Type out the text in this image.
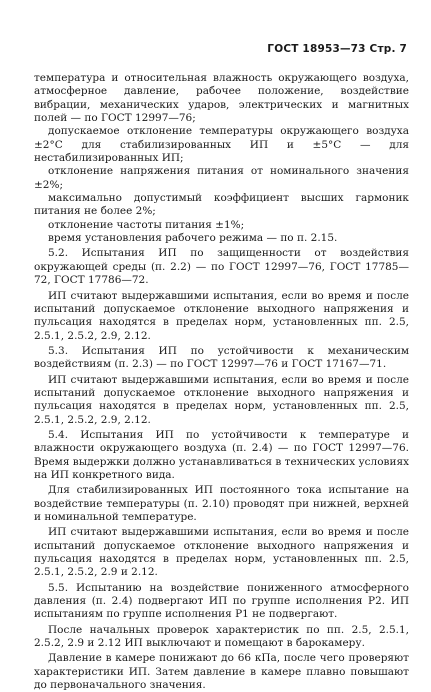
ГОСТ 18953—73 Стр. 7

температура и относительная влажность окружающего воздуха, атмосферное давление, рабочее положение, воздействие вибрации, механических ударов, электрических и магнитных полей — по ГОСТ 12997—76;

допускаемое отклонение температуры окружающего воздуха ±2°С для стабилизированных ИП и ±5°С — для нестабилизированных ИП;

отклонение напряжения питания от номинального значения ±2%;

максимально допустимый коэффициент высших гармоник питания не более 2%;

отклонение частоты питания ±1%;

время установления рабочего режима — по п. 2.15.

5.2. Испытания ИП по защищенности от воздействия окружающей среды (п. 2.2) — по ГОСТ 12997—76, ГОСТ 17785—72, ГОСТ 17786—72.

ИП считают выдержавшими испытания, если во время и после испытаний допускаемое отклонение выходного напряжения и пульсация находятся в пределах норм, установленных пп. 2.5, 2.5.1, 2.5.2, 2.9, 2.12.

5.3. Испытания ИП по устойчивости к механическим воздействиям (п. 2.3) — по ГОСТ 12997—76 и ГОСТ 17167—71.

ИП считают выдержавшими испытания, если во время и после испытаний допускаемое отклонение выходного напряжения и пульсация находятся в пределах норм, установленных пп. 2.5, 2.5.1, 2.5.2, 2.9, 2.12.

5.4. Испытания ИП по устойчивости к температуре и влажности окружающего воздуха (п. 2.4) — по ГОСТ 12997—76. Время выдержки должно устанавливаться в технических условиях на ИП конкретного вида.

Для стабилизированных ИП постоянного тока испытание на воздействие температуры (п. 2.10) проводят при нижней, верхней и номинальной температуре.

ИП считают выдержавшими испытания, если во время и после испытаний допускаемое отклонение выходного напряжения и пульсация находятся в пределах норм, установленных пп. 2.5, 2.5.1, 2.5.2, 2.9 и 2.12.

5.5. Испытанию на воздействие пониженного атмосферного давления (п. 2.4) подвергают ИП по группе исполнения Р2. ИП испытаниям по группе исполнения Р1 не подвергают.

После начальных проверок характеристик по пп. 2.5, 2.5.1, 2.5.2, 2.9 и 2.12 ИП выключают и помещают в барокамеру.

Давление в камере понижают до 66 кПа, после чего проверяют характеристики ИП. Затем давление в камере плавно повышают до первоначального значения.
